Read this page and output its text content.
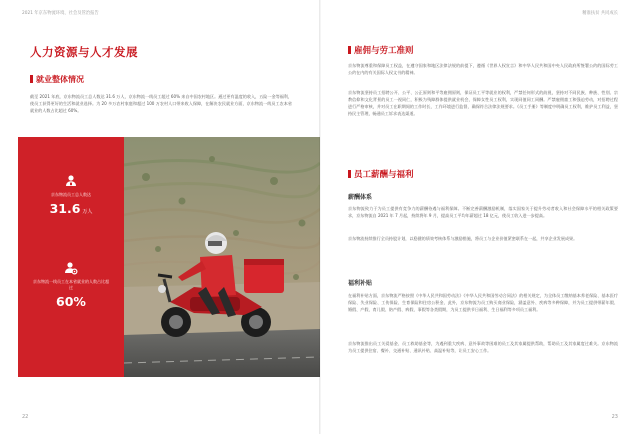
2021 年京东物流环境、社会及管治报告
人力资源与人才发展
就业整体情况

截至 2021 年底，京东物流员工总人数达 31.6 万人，京东物流一线员工超过 60% 来自中国农村地区。通过更有温度的收入，五险一金等福利，使员工获得更好的生活和就业选择。为 20 多万农村家庭和超过 100 万农村人口带来收入保障，在解决农民就业方面，京东物流一线员工农本省就业的人数占比超过 60%。

京东物流员工总人数达
31.6 万人
京东物流一线员工在本省就业的人数占比超过
60%
22
精准扶贫 共同成长
雇佣与劳工准则

京东物流尊重和保障员工权益，在遵守国家和地区法律法规的前提下，遵循《世界人权宣言》和中华人民共和国中央人民政府所签署公约的国际劳工公约在内的有关国际人权文书的精神。

京东物流坚持员工招聘公开、公平、公正原则和平等雇佣原则，保证员工平等就业的权利，严禁任何形式的歧视，坚持对不同民族、种族、性别、宗教信仰和文化背景的员工一视同仁，积极为残障群体提供就业机会，保障女性员工权利，实现同值同工同酬。严禁雇佣童工和强迫劳动，对招聘过程进行严格审核，并对员工在职期间的工作时长、工作环境进行监督，确保符合法律法规要求。《员工手册》等制度中明确员工权利，维护员工利益，坚持民主管理，畅通员工诉求表达渠道。

员工薪酬与福利
薪酬体系

京东物流致力于为员工提供有竞争力的薪酬待遇与福利保障。不断完善薪酬激励机制，落实国家关于提升劳动者收入和社会保障水平的相关政策要求，京东物流自 2021 年 7 月起，持续将年 9 月，提高员工平均年薪超过 18 亿元，使员工收入进一步提高。

京东物流持续推行全员持股计划，以稳健的绩效考核体系与激励措施，将员工与企业价值紧密联系在一起，共享企业发展成果。

福利补贴

在福利补贴方面，京东物流严格按照《中华人民共和国劳动法》《中华人民共和国劳动合同法》的相关规定，为全体员工缴纳基本养老保险、基本医疗保险、失业保险、工伤保险、生育保险和住房公积金，此外，京东物流为员工购买商业保险，涵盖意外、疾病等多种保障，并为员工提供带薪年假、婚假、产假、育儿假、陪产假、病假、事假等各类假期，为员工提供节日福利、生日福利等多项员工福利。

京东物流推出员工关爱基金、员工救助基金等，为遇到重大疾病、意外事故等困难的员工及其家属提供帮助，帮助员工及其家属度过难关。京东物流为员工提供住宿、餐补、交通补贴、通讯补贴、高温补贴等，让员工安心工作。

23
